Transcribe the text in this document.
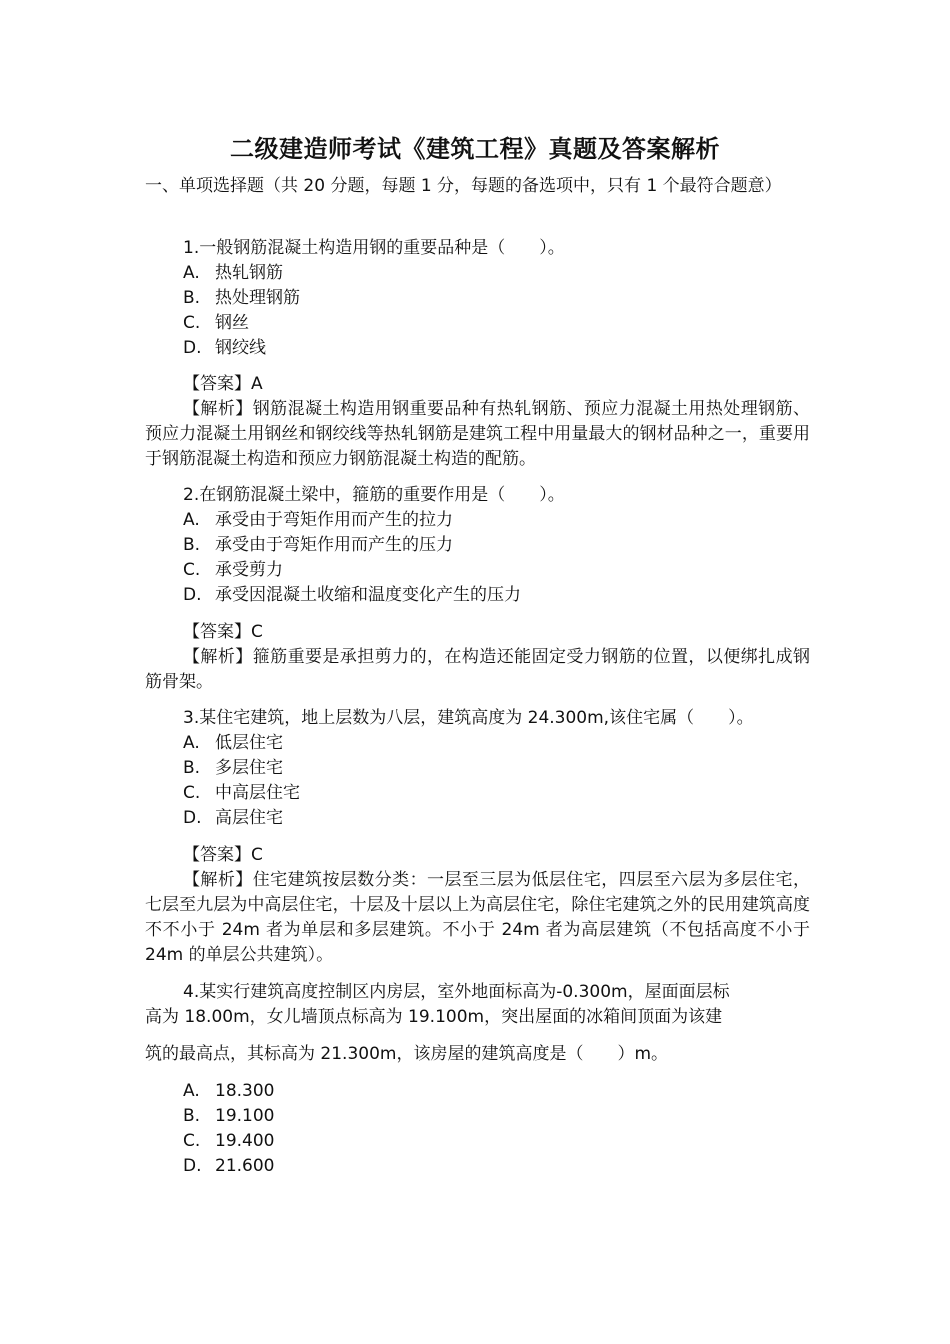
二级建造师考试《建筑工程》真题及答案解析
一、单项选择题（共 20 分题，每题 1 分，每题的备选项中，只有 1 个最符合题意）

1.一般钢筋混凝土构造用钢的重要品种是（　　）。

A. 热轧钢筋

B. 热处理钢筋

C. 钢丝

D. 钢绞线

【答案】A

【解析】钢筋混凝土构造用钢重要品种有热轧钢筋、预应力混凝土用热处理钢筋、预应力混凝土用钢丝和钢绞线等热轧钢筋是建筑工程中用量最大的钢材品种之一，重要用于钢筋混凝土构造和预应力钢筋混凝土构造的配筋。

2.在钢筋混凝土梁中，箍筋的重要作用是（　　）。

A. 承受由于弯矩作用而产生的拉力

B. 承受由于弯矩作用而产生的压力

C. 承受剪力

D. 承受因混凝土收缩和温度变化产生的压力

【答案】C

【解析】箍筋重要是承担剪力的，在构造还能固定受力钢筋的位置，以便绑扎成钢筋骨架。

3.某住宅建筑，地上层数为八层，建筑高度为 24.300m,该住宅属（　　）。

A. 低层住宅

B. 多层住宅

C. 中高层住宅

D. 高层住宅

【答案】C

【解析】住宅建筑按层数分类：一层至三层为低层住宅，四层至六层为多层住宅，七层至九层为中高层住宅，十层及十层以上为高层住宅，除住宅建筑之外的民用建筑高度不不小于 24m 者为单层和多层建筑。不小于 24m 者为高层建筑（不包括高度不小于 24m 的单层公共建筑）。

4.某实行建筑高度控制区内房层，室外地面标高为-0.300m，屋面面层标

高为 18.00m，女儿墙顶点标高为 19.100m，突出屋面的冰箱间顶面为该建

筑的最高点，其标高为 21.300m，该房屋的建筑高度是（　　）m。

A. 18.300

B. 19.100

C. 19.400

D. 21.600
